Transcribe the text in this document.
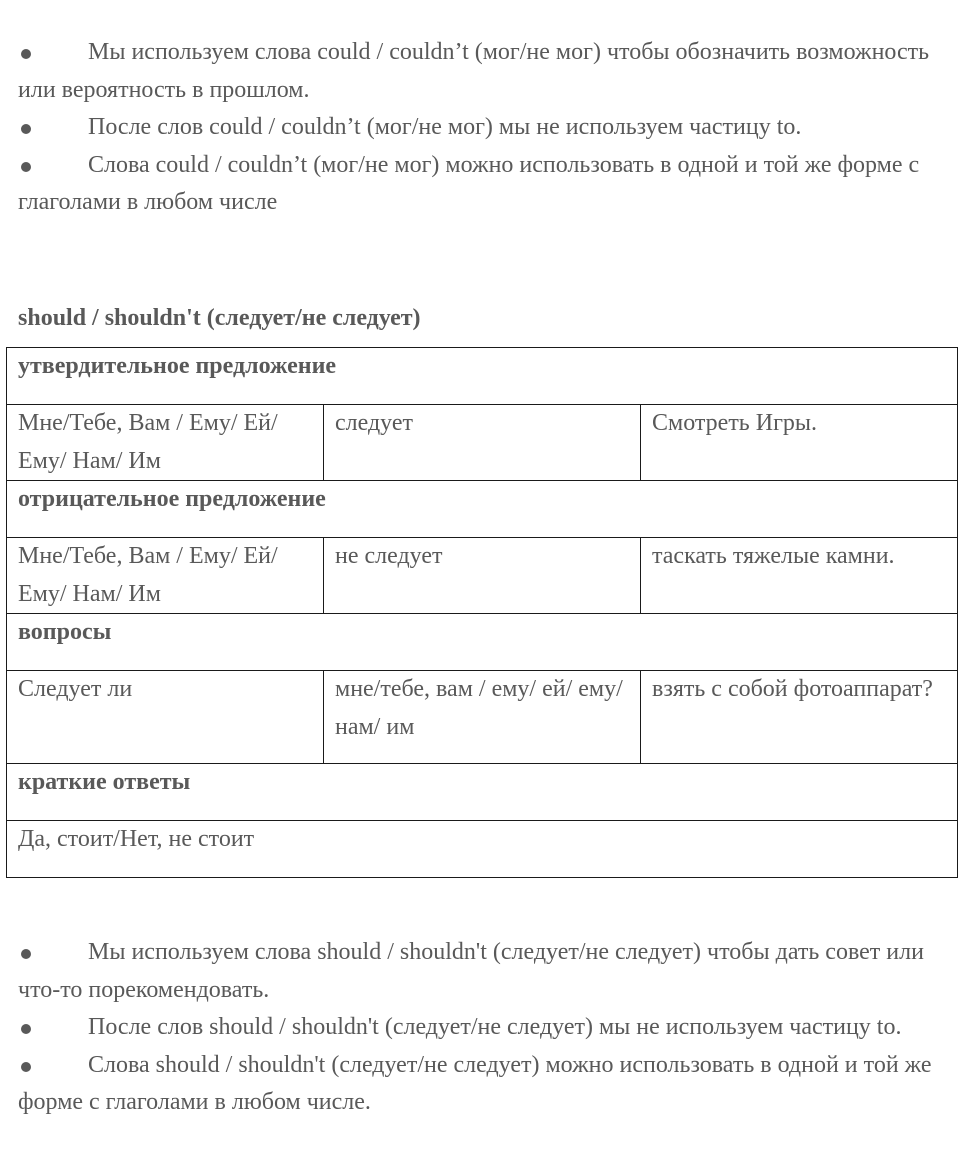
Мы используем слова could / couldn’t (мог/не мог) чтобы обозначить возможность или вероятность в прошлом.
После слов could / couldn’t (мог/не мог) мы не используем частицу to.
Слова could / couldn’t (мог/не мог) можно использовать в одной и той же форме с глаголами в любом числе

should / shouldn't (следует/не следует)

утвердительное предложение		
Мне/Тебе, Вам / Ему/ Ей/ Ему/ Нам/ Им	следует	Смотреть Игры.
отрицательное предложение		
Мне/Тебе, Вам / Ему/ Ей/ Ему/ Нам/ Им	не следует	таскать тяжелые камни.
вопросы		
Следует ли	мне/тебе, вам / ему/ ей/ ему/ нам/ им	взять с собой фотоаппарат?
краткие ответы		
Да, стоит/Нет, не стоит		
Мы используем слова should / shouldn't (следует/не следует) чтобы дать совет или что-то порекомендовать.
После слов should / shouldn't (следует/не следует) мы не используем частицу to.
Слова should / shouldn't (следует/не следует) можно использовать в одной и той же форме с глаголами в любом числе.
